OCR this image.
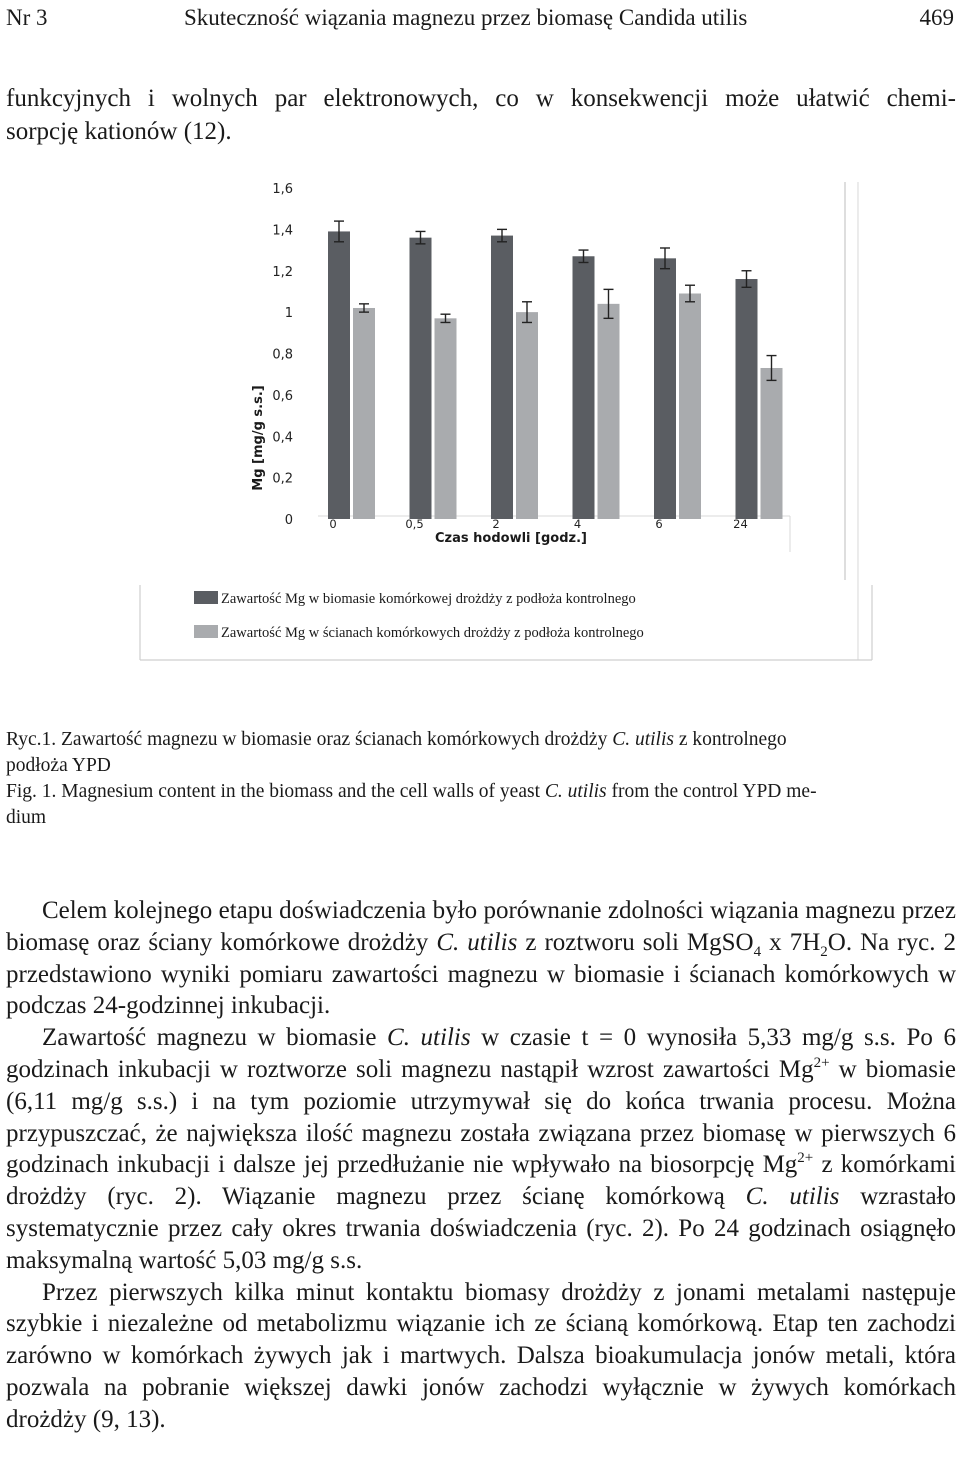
Nr 3	Skuteczność wiązania magnezu przez biomasę Candida utilis	469
funkcyjnych i wolnych par elektronowych, co w konsekwencji może ułatwić chemi-
sorpcję kationów (12).
0
0,2
0,4
0,6
0,8
1
1,2
1,4
1,6
Mg [mg/g s.s.]
0	0,5	2	4	6	24
Czas hodowli [godz.]
Zawartość Mg w biomasie komórkowej drożdży z podłoża kontrolnego
Zawartość Mg w ścianach komórkowych drożdży z podłoża kontrolnego
Ryc.1. Zawartość magnezu w biomasie oraz ścianach komórkowych drożdży C. utilis z kontrolnego
podłoża YPD
Fig. 1. Magnesium content in the biomass and the cell walls of yeast C. utilis from the control YPD me-
dium

Celem kolejnego etapu doświadczenia było porównanie zdolności wiązania magnezu przez biomasę oraz ściany komórkowe drożdży C. utilis z roztworu soli MgSO$_4$ x $7H_2O$. Na ryc. 2 przedstawiono wyniki pomiaru zawartości magnezu w biomasie i ścianach komórkowych w podczas 24-godzinnej inkubacji.

Zawartość magnezu w biomasie C. utilis w czasie t = 0 wynosiła 5,33 mg/g s.s. Po 6 godzinach inkubacji w roztworze soli magnezu nastąpił wzrost zawartości $Mg^{2+}$ w biomasie (6,11 mg/g s.s.) i na tym poziomie utrzymywał się do końca trwania procesu. Można przypuszczać, że największa ilość magnezu została związana przez biomasę w pierwszych 6 godzinach inkubacji i dalsze jej przedłużanie nie wpływało na biosorpcję $Mg^{2+}$ z komórkami drożdży (ryc. 2). Wiązanie magnezu przez ścianę komórkową C. utilis wzrastało systematycznie przez cały okres trwania doświadczenia (ryc. 2). Po 24 godzinach osiągnęło maksymalną wartość 5,03 mg/g s.s.

Przez pierwszych kilka minut kontaktu biomasy drożdży z jonami metalami następuje szybkie i niezależne od metabolizmu wiązanie ich ze ścianą komórkową. Etap ten zachodzi zarówno w komórkach żywych jak i martwych. Dalsza bioakumulacja jonów metali, która pozwala na pobranie większej dawki jonów zachodzi wyłącznie w żywych komórkach drożdży (9, 13).
